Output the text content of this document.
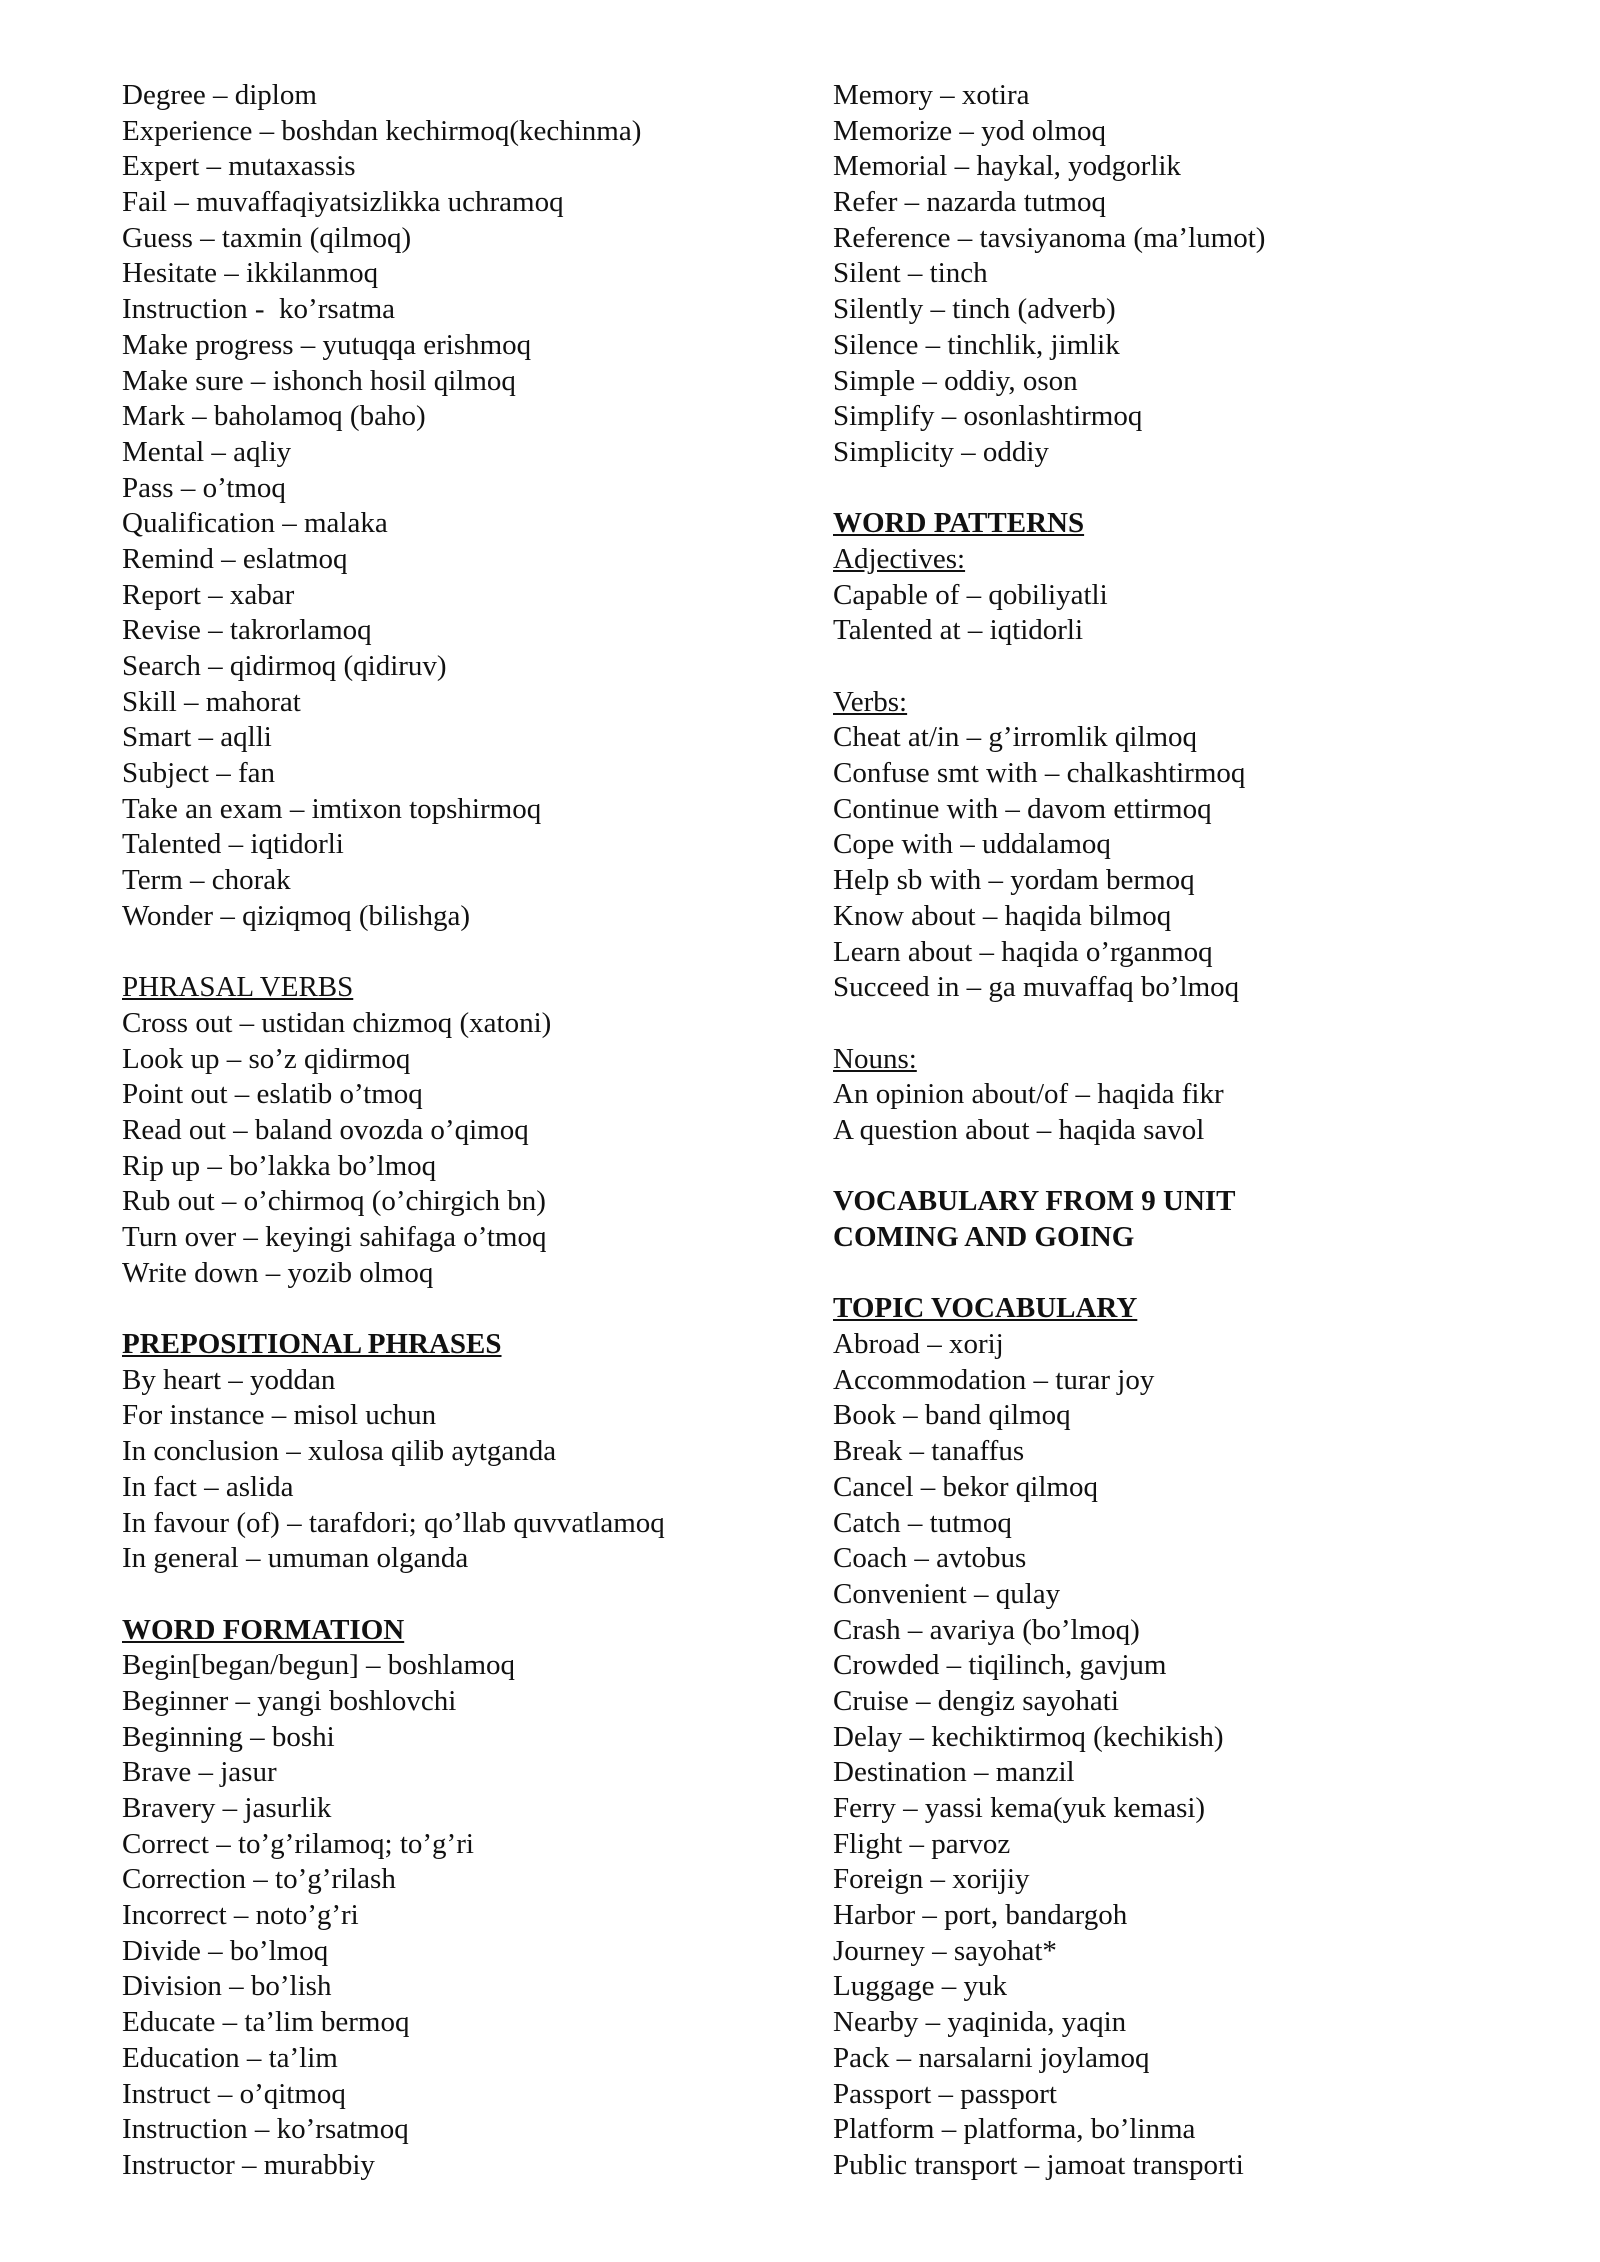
Degree – diplom
Experience – boshdan kechirmoq(kechinma)
Expert – mutaxassis
Fail – muvaffaqiyatsizlikka uchramoq
Guess – taxmin (qilmoq)
Hesitate – ikkilanmoq
Instruction -  ko’rsatma
Make progress – yutuqqa erishmoq
Make sure – ishonch hosil qilmoq
Mark – baholamoq (baho)
Mental – aqliy
Pass – o’tmoq
Qualification – malaka
Remind – eslatmoq
Report – xabar
Revise – takrorlamoq
Search – qidirmoq (qidiruv)
Skill – mahorat
Smart – aqlli
Subject – fan
Take an exam – imtixon topshirmoq
Talented – iqtidorli
Term – chorak
Wonder – qiziqmoq (bilishga)
PHRASAL VERBS
Cross out – ustidan chizmoq (xatoni)
Look up – so’z qidirmoq
Point out – eslatib o’tmoq
Read out – baland ovozda o’qimoq
Rip up – bo’lakka bo’lmoq
Rub out – o’chirmoq (o’chirgich bn)
Turn over – keyingi sahifaga o’tmoq
Write down – yozib olmoq
PREPOSITIONAL PHRASES
By heart – yoddan
For instance – misol uchun
In conclusion – xulosa qilib aytganda
In fact – aslida
In favour (of) – tarafdori; qo’llab quvvatlamoq
In general – umuman olganda
WORD FORMATION
Begin[began/begun] – boshlamoq
Beginner – yangi boshlovchi
Beginning – boshi
Brave – jasur
Bravery – jasurlik
Correct – to’g’rilamoq; to’g’ri
Correction – to’g’rilash
Incorrect – noto’g’ri
Divide – bo’lmoq
Division – bo’lish
Educate – ta’lim bermoq
Education – ta’lim
Instruct – o’qitmoq
Instruction – ko’rsatmoq
Instructor – murabbiy
Memory – xotira
Memorize – yod olmoq
Memorial – haykal, yodgorlik
Refer – nazarda tutmoq
Reference – tavsiyanoma (ma’lumot)
Silent – tinch
Silently – tinch (adverb)
Silence – tinchlik, jimlik
Simple – oddiy, oson
Simplify – osonlashtirmoq
Simplicity – oddiy
WORD PATTERNS
Adjectives:
Capable of – qobiliyatli
Talented at – iqtidorli
Verbs:
Cheat at/in – g’irromlik qilmoq
Confuse smt with – chalkashtirmoq
Continue with – davom ettirmoq
Cope with – uddalamoq
Help sb with – yordam bermoq
Know about – haqida bilmoq
Learn about – haqida o’rganmoq
Succeed in – ga muvaffaq bo’lmoq
Nouns:
An opinion about/of – haqida fikr
A question about – haqida savol
VOCABULARY FROM 9 UNIT
COMING AND GOING
TOPIC VOCABULARY
Abroad – xorij
Accommodation – turar joy
Book – band qilmoq
Break – tanaffus
Cancel – bekor qilmoq
Catch – tutmoq
Coach – avtobus
Convenient – qulay
Crash – avariya (bo’lmoq)
Crowded – tiqilinch, gavjum
Cruise – dengiz sayohati
Delay – kechiktirmoq (kechikish)
Destination – manzil
Ferry – yassi kema(yuk kemasi)
Flight – parvoz
Foreign – xorijiy
Harbor – port, bandargoh
Journey – sayohat*
Luggage – yuk
Nearby – yaqinida, yaqin
Pack – narsalarni joylamoq
Passport – passport
Platform – platforma, bo’linma
Public transport – jamoat transporti
